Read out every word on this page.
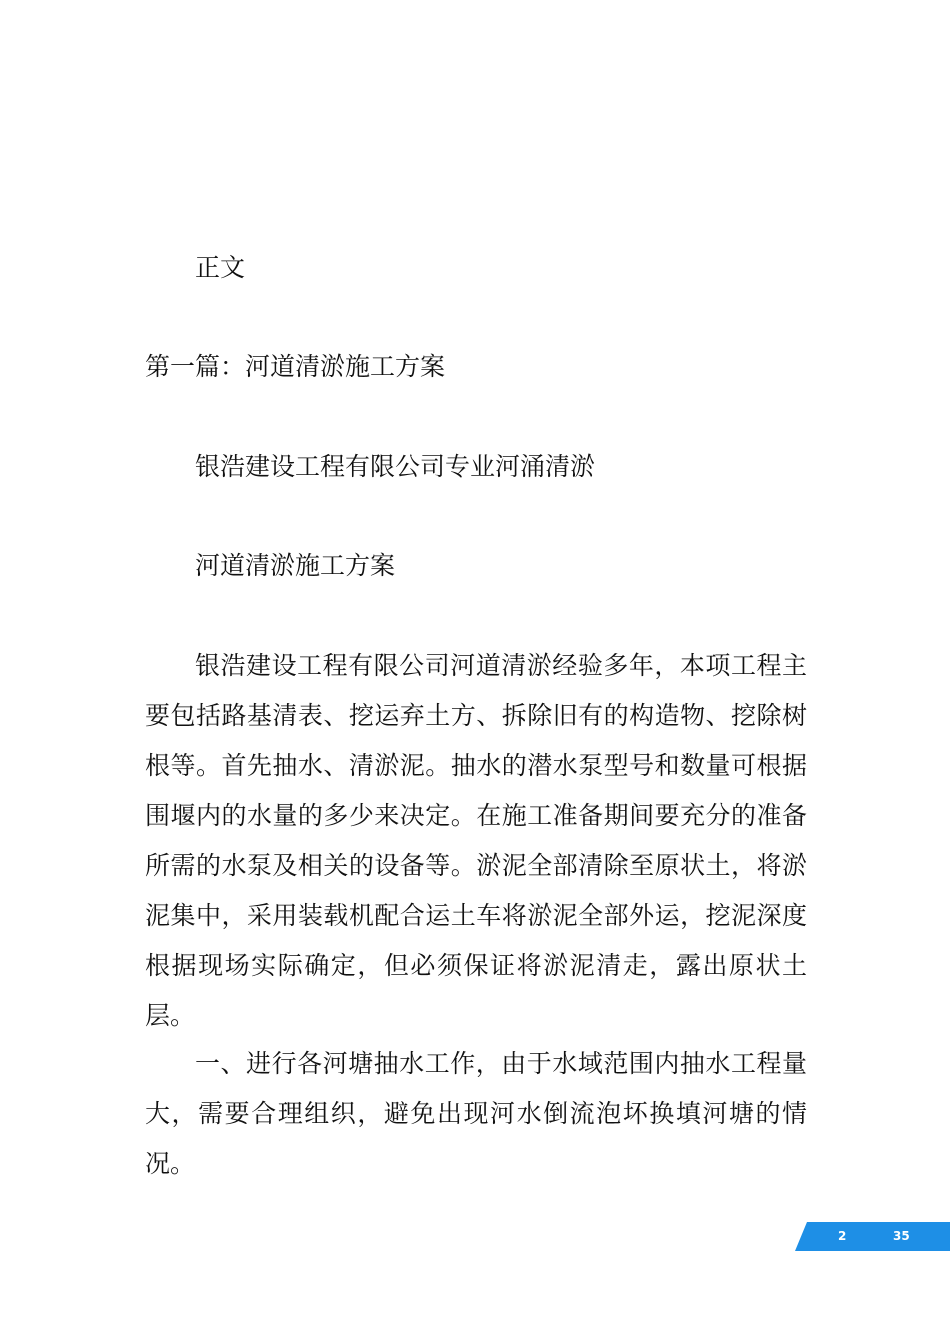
正文
第一篇：河道清淤施工方案
银浩建设工程有限公司专业河涌清淤
河道清淤施工方案
银浩建设工程有限公司河道清淤经验多年，本项工程主要包括路基清表、挖运弃土方、拆除旧有的构造物、挖除树根等。首先抽水、清淤泥。抽水的潜水泵型号和数量可根据围堰内的水量的多少来决定。在施工准备期间要充分的准备所需的水泵及相关的设备等。淤泥全部清除至原状土，将淤泥集中，采用装载机配合运土车将淤泥全部外运，挖泥深度根据现场实际确定，但必须保证将淤泥清走，露出原状土层。
一、进行各河塘抽水工作，由于水域范围内抽水工程量大，需要合理组织，避免出现河水倒流泡坏换填河塘的情况。
2	35
